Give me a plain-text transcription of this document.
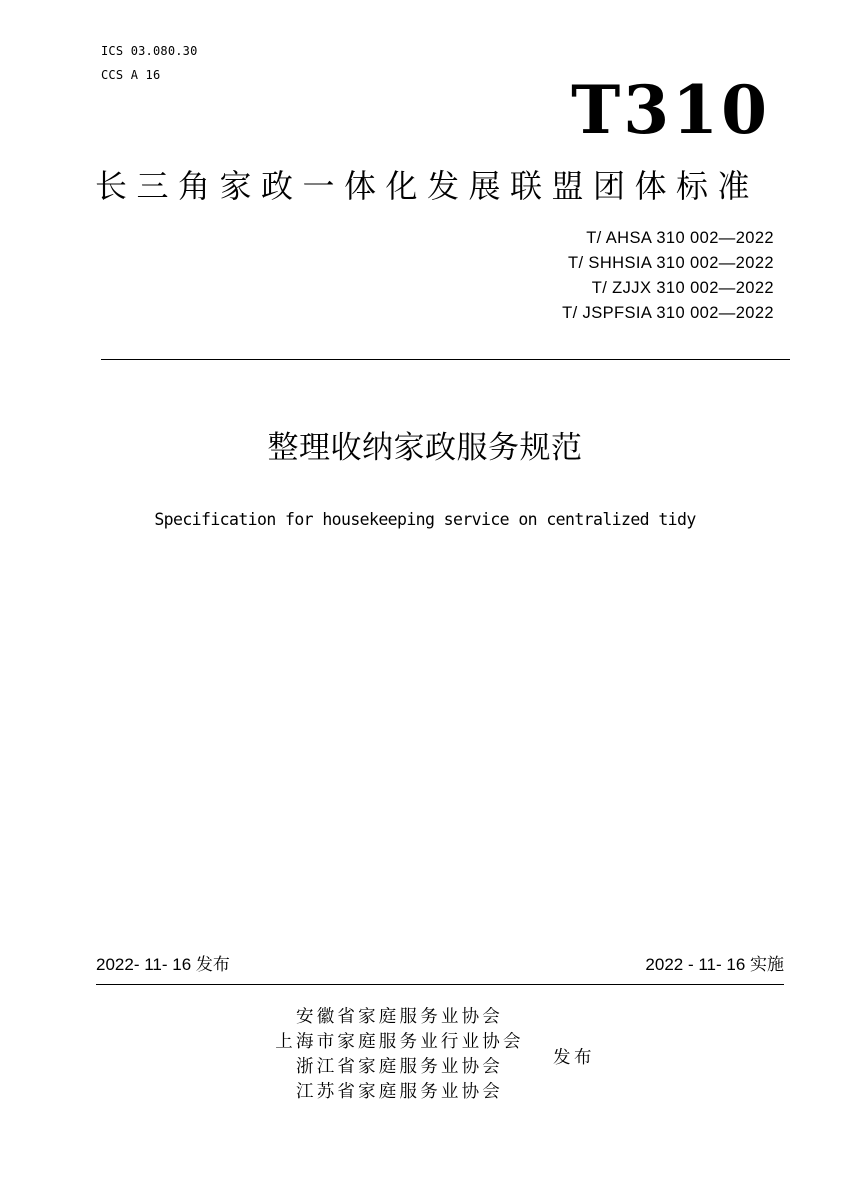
ICS 03.080.30
CCS A 16	T310
长三角家政一体化发展联盟团体标准
T/ AHSA 310 002—2022
T/ SHHSIA 310 002—2022
T/ ZJJX 310 002—2022
T/ JSPFSIA 310 002—2022
整理收纳家政服务规范
Specification for housekeeping service on centralized tidy
2022- 11- 16 发布	2022 - 11- 16 实施
安徽省家庭服务业协会
上海市家庭服务业行业协会
浙江省家庭服务业协会
江苏省家庭服务业协会
发布
